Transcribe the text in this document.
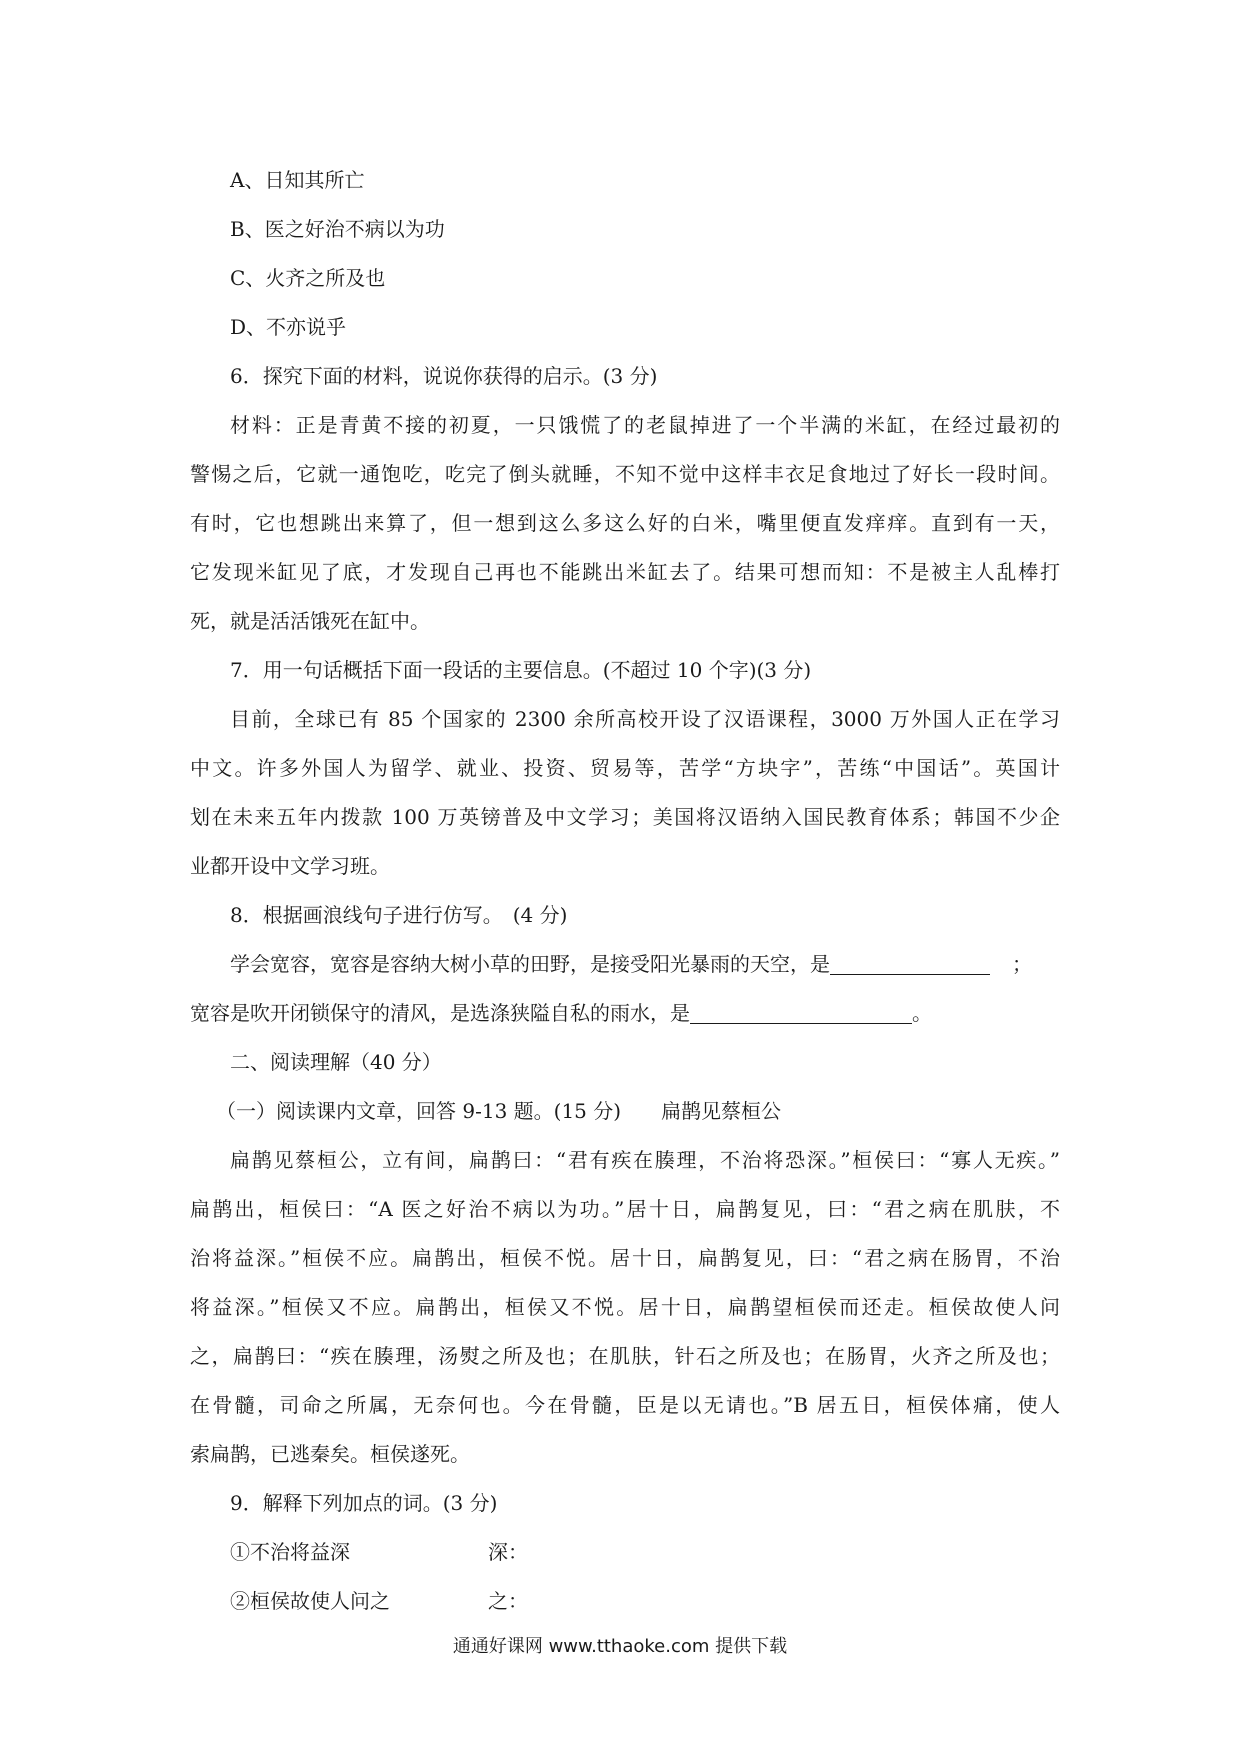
A、日知其所亡
B、医之好治不病以为功
C、火齐之所及也
D、不亦说乎
6．探究下面的材料，说说你获得的启示。(3 分)
材料：正是青黄不接的初夏，一只饿慌了的老鼠掉进了一个半满的米缸，在经过最初的
警惕之后，它就一通饱吃，吃完了倒头就睡，不知不觉中这样丰衣足食地过了好长一段时间。
有时，它也想跳出来算了，但一想到这么多这么好的白米，嘴里便直发痒痒。直到有一天，
它发现米缸见了底，才发现自己再也不能跳出米缸去了。结果可想而知：不是被主人乱棒打
死，就是活活饿死在缸中。
7．用一句话概括下面一段话的主要信息。(不超过 10 个字)(3 分)
目前，全球已有 85 个国家的 2300 余所高校开设了汉语课程，3000 万外国人正在学习
中文。许多外国人为留学、就业、投资、贸易等，苦学“方块字”，苦练“中国话”。英国计
划在未来五年内拨款 100 万英镑普及中文学习；美国将汉语纳入国民教育体系；韩国不少企
业都开设中文学习班。
8．根据画浪线句子进行仿写。　(4 分)
学会宽容，宽容是容纳大树小草的田野，是接受阳光暴雨的天空，是	；
宽容是吹开闭锁保守的清风，是选涤狭隘自私的雨水，是	。
二、阅读理解（40 分）
（一）阅读课内文章，回答 9-13 题。(15 分) 扁鹊见蔡桓公
扁鹊见蔡桓公，立有间，扁鹊曰：“君有疾在腠理，不治将恐深。”桓侯曰：“寡人无疾。”
扁鹊出，桓侯曰：“A 医之好治不病以为功。”居十日，扁鹊复见，曰：“君之病在肌肤，不
治将益深。”桓侯不应。扁鹊出，桓侯不悦。居十日，扁鹊复见，曰：“君之病在肠胃，不治
将益深。”桓侯又不应。扁鹊出，桓侯又不悦。居十日，扁鹊望桓侯而还走。桓侯故使人问
之，扁鹊曰：“疾在腠理，汤熨之所及也；在肌肤，针石之所及也；在肠胃，火齐之所及也；
在骨髓，司命之所属，无奈何也。今在骨髓，臣是以无请也。”B 居五日，桓侯体痛，使人
索扁鹊，已逃秦矣。桓侯遂死。
9．解释下列加点的词。(3 分)
①不治将益深	深：
②桓侯故使人问之	之：
通通好课网 www.tthaoke.com 提供下载
